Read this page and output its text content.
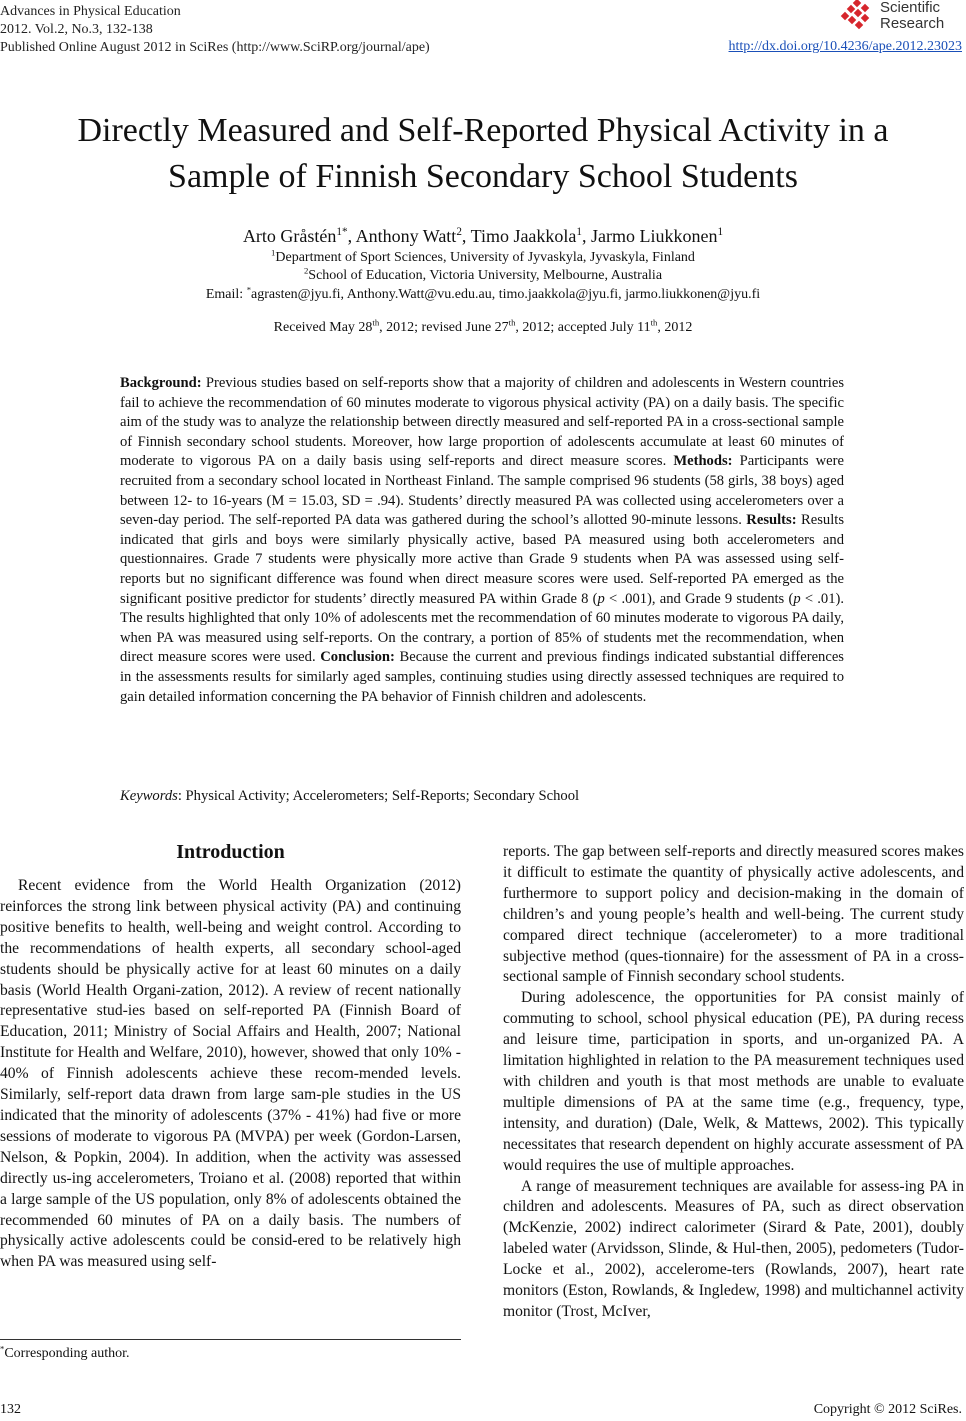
Advances in Physical Education
2012. Vol.2, No.3, 132-138
Published Online August 2012 in SciRes (http://www.SciRP.org/journal/ape)	http://dx.doi.org/10.4236/ape.2012.23023
Scientific
Research
Directly Measured and Self-Reported Physical Activity in a
Sample of Finnish Secondary School Students
Arto Gråstén$^{1*}$, Anthony Watt$^2$, Timo Jaakkola$^1$, Jarmo Liukkonen$^1$
$^1$Department of Sport Sciences, University of Jyvaskyla, Jyvaskyla, Finland
$^2$School of Education, Victoria University, Melbourne, Australia
Email: *agrasten@jyu.fi, Anthony.Watt@vu.edu.au, timo.jaakkola@jyu.fi, jarmo.liukkonen@jyu.fi
Received May 28th, 2012; revised June 27th, 2012; accepted July 11th, 2012
Background: Previous studies based on self-reports show that a majority of children and adolescents in Western countries fail to achieve the recommendation of 60 minutes moderate to vigorous physical activity (PA) on a daily basis. The specific aim of the study was to analyze the relationship between directly measured and self-reported PA in a cross-sectional sample of Finnish secondary school students. Moreover, how large proportion of adolescents accumulate at least 60 minutes of moderate to vigorous PA on a daily basis using self-reports and direct measure scores. Methods: Participants were recruited from a secondary school located in Northeast Finland. The sample comprised 96 students (58 girls, 38 boys) aged between 12- to 16-years (M = 15.03, SD = .94). Students’ directly measured PA was collected using accelerometers over a seven-day period. The self-reported PA data was gathered during the school’s allotted 90-minute lessons. Results: Results indicated that girls and boys were similarly physically active, based PA measured using both accelerometers and questionnaires. Grade 7 students were physically more active than Grade 9 students when PA was assessed using self-reports but no significant difference was found when direct measure scores were used. Self-reported PA emerged as the significant positive predictor for students’ directly measured PA within Grade 8 (p < .001), and Grade 9 students (p < .01). The results highlighted that only 10% of adolescents met the recommendation of 60 minutes moderate to vigorous PA daily, when PA was measured using self-reports. On the contrary, a portion of 85% of students met the recommendation, when direct measure scores were used. Conclusion: Because the current and previous findings indicated substantial differences in the assessments results for similarly aged samples, continuing studies using directly assessed techniques are required to gain detailed information concerning the PA behavior of Finnish children and adolescents.
Keywords: Physical Activity; Accelerometers; Self-Reports; Secondary School
Introduction

Recent evidence from the World Health Organization (2012) reinforces the strong link between physical activity (PA) and continuing positive benefits to health, well-being and weight control. According to the recommendations of health experts, all secondary school-aged students should be physically active for at least 60 minutes on a daily basis (World Health Organi-zation, 2012). A review of recent nationally representative stud-ies based on self-reported PA (Finnish Board of Education, 2011; Ministry of Social Affairs and Health, 2007; National Institute for Health and Welfare, 2010), however, showed that only 10% - 40% of Finnish adolescents achieve these recom-mended levels. Similarly, self-report data drawn from large sam-ple studies in the US indicated that the minority of adolescents (37% - 41%) had five or more sessions of moderate to vigorous PA (MVPA) per week (Gordon-Larsen, Nelson, & Popkin, 2004). In addition, when the activity was assessed directly us-ing accelerometers, Troiano et al. (2008) reported that within a large sample of the US population, only 8% of adolescents obtained the recommended 60 minutes of PA on a daily basis. The numbers of physically active adolescents could be consid-ered to be relatively high when PA was measured using self-

reports. The gap between self-reports and directly measured scores makes it difficult to estimate the quantity of physically active adolescents, and furthermore to support policy and decision-making in the domain of children’s and young people’s health and well-being. The current study compared direct technique (accelerometer) to a more traditional subjective method (ques-tionnaire) for the assessment of PA in a cross-sectional sample of Finnish secondary school students.

During adolescence, the opportunities for PA consist mainly of commuting to school, school physical education (PE), PA during recess and leisure time, participation in sports, and un-organized PA. A limitation highlighted in relation to the PA measurement techniques used with children and youth is that most methods are unable to evaluate multiple dimensions of PA at the same time (e.g., frequency, type, intensity, and duration) (Dale, Welk, & Mattews, 2002). This typically necessitates that research dependent on highly accurate assessment of PA would requires the use of multiple approaches.

A range of measurement techniques are available for assess-ing PA in children and adolescents. Measures of PA, such as direct observation (McKenzie, 2002) indirect calorimeter (Sirard & Pate, 2001), doubly labeled water (Arvidsson, Slinde, & Hul-then, 2005), pedometers (Tudor-Locke et al., 2002), accelerome-ters (Rowlands, 2007), heart rate monitors (Eston, Rowlands, & Ingledew, 1998) and multichannel activity monitor (Trost, McIver,

*Corresponding author.
132	Copyright © 2012 SciRes.
